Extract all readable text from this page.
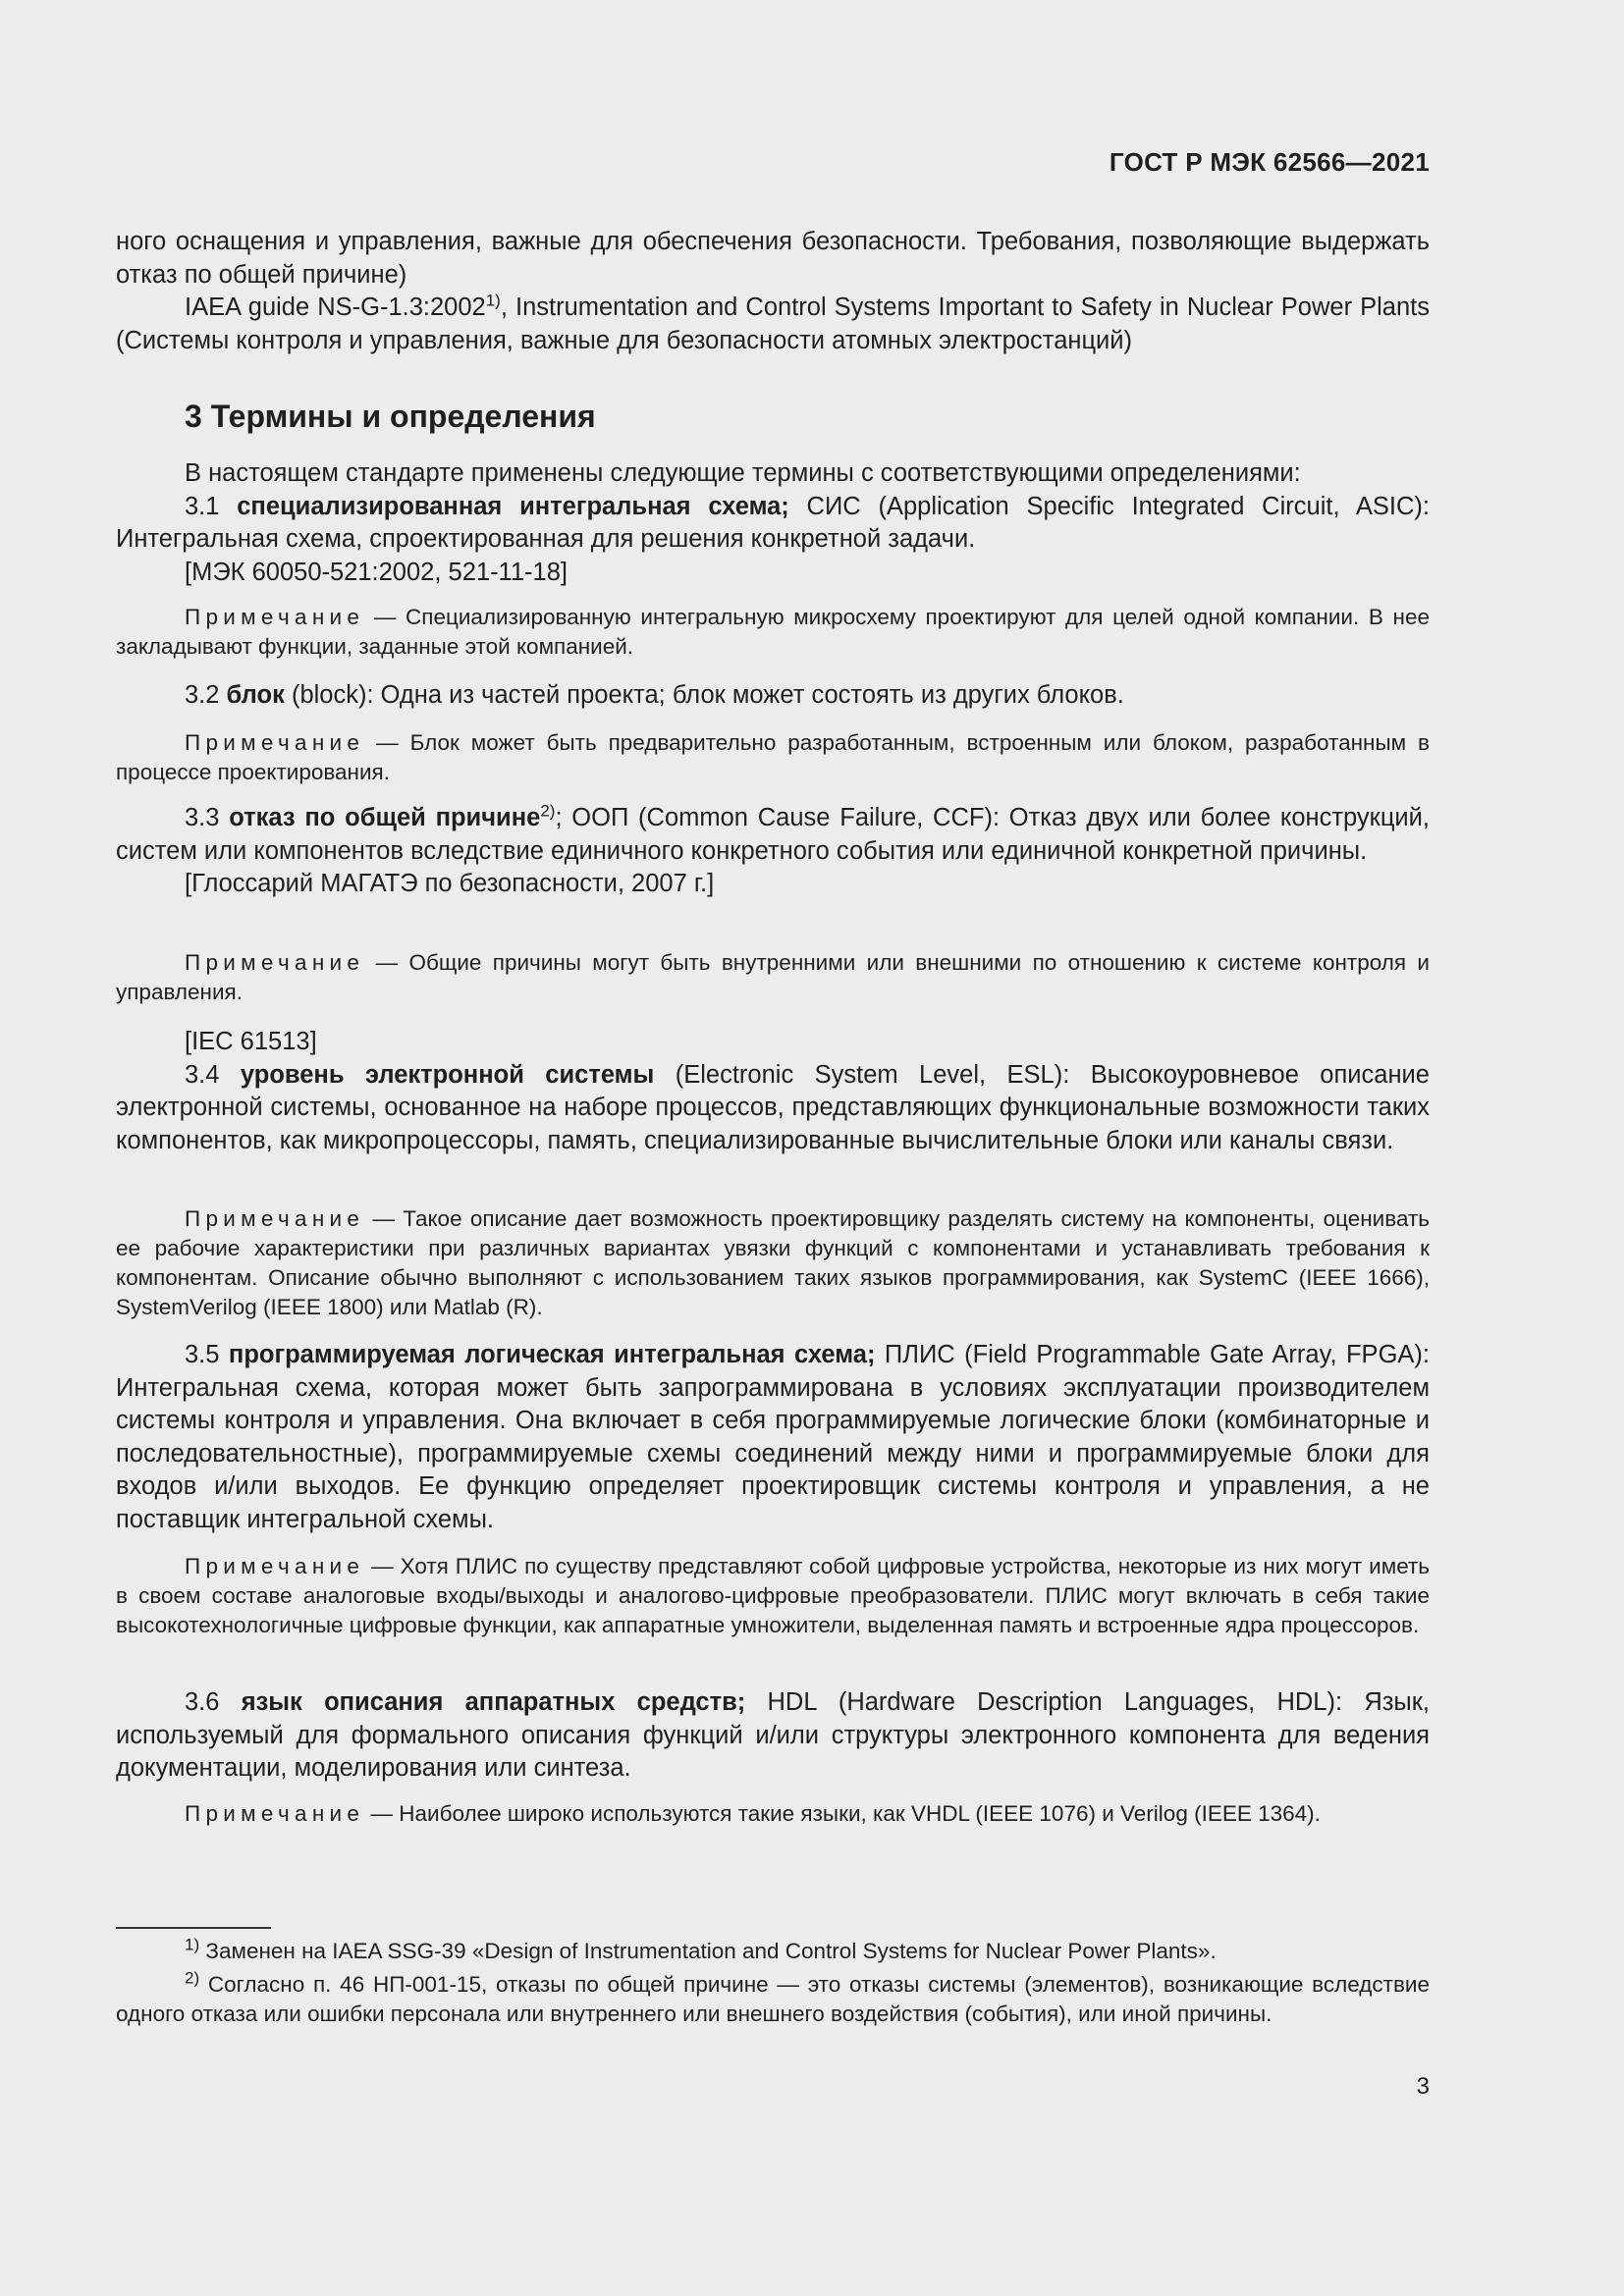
ГОСТ Р МЭК 62566—2021

ного оснащения и управления, важные для обеспечения безопасности. Требования, позволяющие выдержать отказ по общей причине)

IAEA guide NS-G-1.3:2002$^{1)}$, Instrumentation and Control Systems Important to Safety in Nuclear Power Plants (Системы контроля и управления, важные для безопасности атомных электростанций)

3 Термины и определения

В настоящем стандарте применены следующие термины с соответствующими определениями:

3.1 специализированная интегральная схема; СИС (Application Specific Integrated Circuit, ASIC): Интегральная схема, спроектированная для решения конкретной задачи.

[МЭК 60050-521:2002, 521-11-18]

Примечание — Специализированную интегральную микросхему проектируют для целей одной компании. В нее закладывают функции, заданные этой компанией.

3.2 блок (block): Одна из частей проекта; блок может состоять из других блоков.

Примечание — Блок может быть предварительно разработанным, встроенным или блоком, разработанным в процессе проектирования.

3.3 отказ по общей причине$^{2)}$; ООП (Common Cause Failure, CCF): Отказ двух или более конструкций, систем или компонентов вследствие единичного конкретного события или единичной конкретной причины.

[Глоссарий МАГАТЭ по безопасности, 2007 г.]

Примечание — Общие причины могут быть внутренними или внешними по отношению к системе контроля и управления.

[IEC 61513]

3.4 уровень электронной системы (Electronic System Level, ESL): Высокоуровневое описание электронной системы, основанное на наборе процессов, представляющих функциональные возможности таких компонентов, как микропроцессоры, память, специализированные вычислительные блоки или каналы связи.

Примечание — Такое описание дает возможность проектировщику разделять систему на компоненты, оценивать ее рабочие характеристики при различных вариантах увязки функций с компонентами и устанавливать требования к компонентам. Описание обычно выполняют с использованием таких языков программирования, как SystemC (IEEE 1666), SystemVerilog (IEEE 1800) или Matlab (R).

3.5 программируемая логическая интегральная схема; ПЛИС (Field Programmable Gate Array, FPGA): Интегральная схема, которая может быть запрограммирована в условиях эксплуатации производителем системы контроля и управления. Она включает в себя программируемые логические блоки (комбинаторные и последовательностные), программируемые схемы соединений между ними и программируемые блоки для входов и/или выходов. Ее функцию определяет проектировщик системы контроля и управления, а не поставщик интегральной схемы.

Примечание — Хотя ПЛИС по существу представляют собой цифровые устройства, некоторые из них могут иметь в своем составе аналоговые входы/выходы и аналогово-цифровые преобразователи. ПЛИС могут включать в себя такие высокотехнологичные цифровые функции, как аппаратные умножители, выделенная память и встроенные ядра процессоров.

3.6 язык описания аппаратных средств; HDL (Hardware Description Languages, HDL): Язык, используемый для формального описания функций и/или структуры электронного компонента для ведения документации, моделирования или синтеза.

Примечание — Наиболее широко используются такие языки, как VHDL (IEEE 1076) и Verilog (IEEE 1364).

$^{1)}$ Заменен на IAEA SSG-39 «Design of Instrumentation and Control Systems for Nuclear Power Plants».

$^{2)}$ Согласно п. 46 НП-001-15, отказы по общей причине — это отказы системы (элементов), возникающие вследствие одного отказа или ошибки персонала или внутреннего или внешнего воздействия (события), или иной причины.

3
